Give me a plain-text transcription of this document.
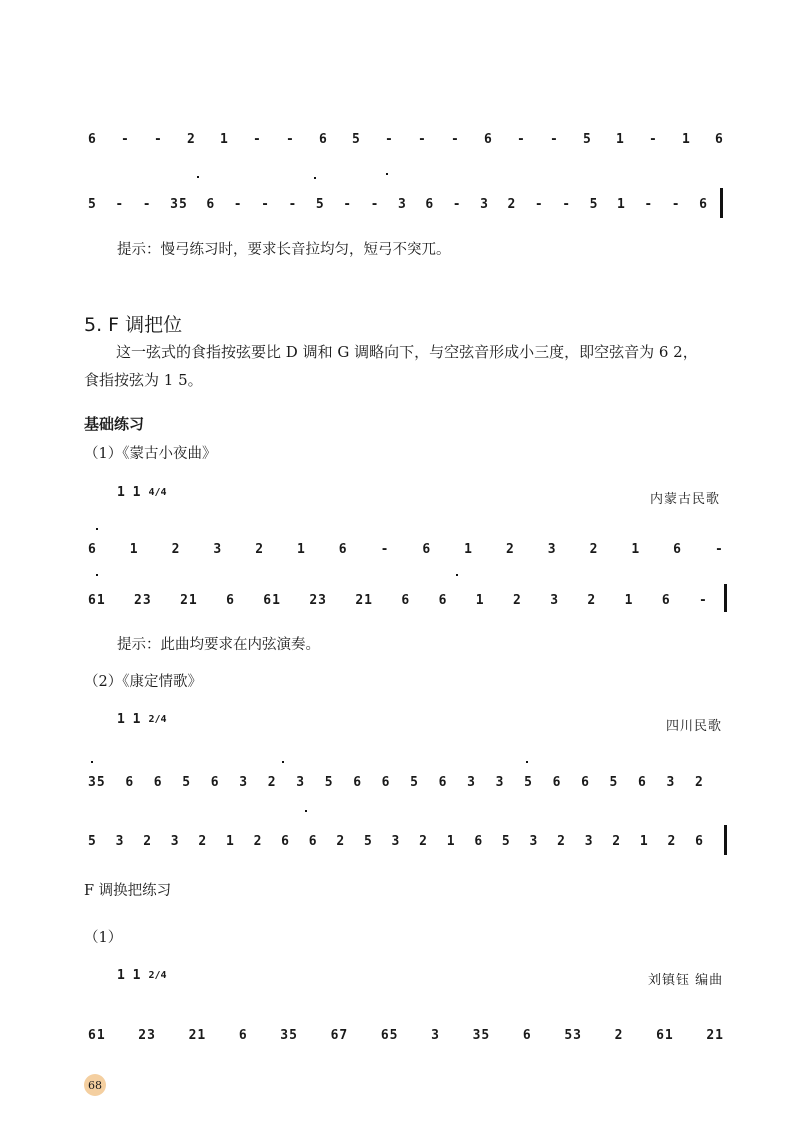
6 - - 2 1 - - 6 5 - - - 6 - - 5 1 - 1 6
5 - - 35 6 - - - 5 - - 3 6 - 3 2 - - 5 1 - - 6
提示：慢弓练习时，要求长音拉均匀，短弓不突兀。
5. F 调把位
这一弦式的食指按弦要比 D 调和 G 调略向下，与空弦音形成小三度，即空弦音为 6 2，
食指按弦为 1 5。
基础练习
（1）《蒙古小夜曲》
1 1 4/4	内蒙古民歌
6	1	2	3	2	1	6	-	6	1	2	3	2	1	6	-
61 23 21 6 61 23 21 6 6 1 2 3 2 1 6 -
提示：此曲均要求在内弦演奏。
（2）《康定情歌》
1 1 2/4	四川民歌
35 6 6 5 6 3 2 3 5 6 6 5 6 3 3 5 6 6 5 6 3 2
5 3 2 3 2 1 2 6 6 2 5 3 2 1 6 5 3 2 3 2 1 2 6
F 调换把练习
（1）
1 1 2/4	刘镇钰 编曲
61	23	21	6	35	67	65	3	35	6	53	2	61	21
68
